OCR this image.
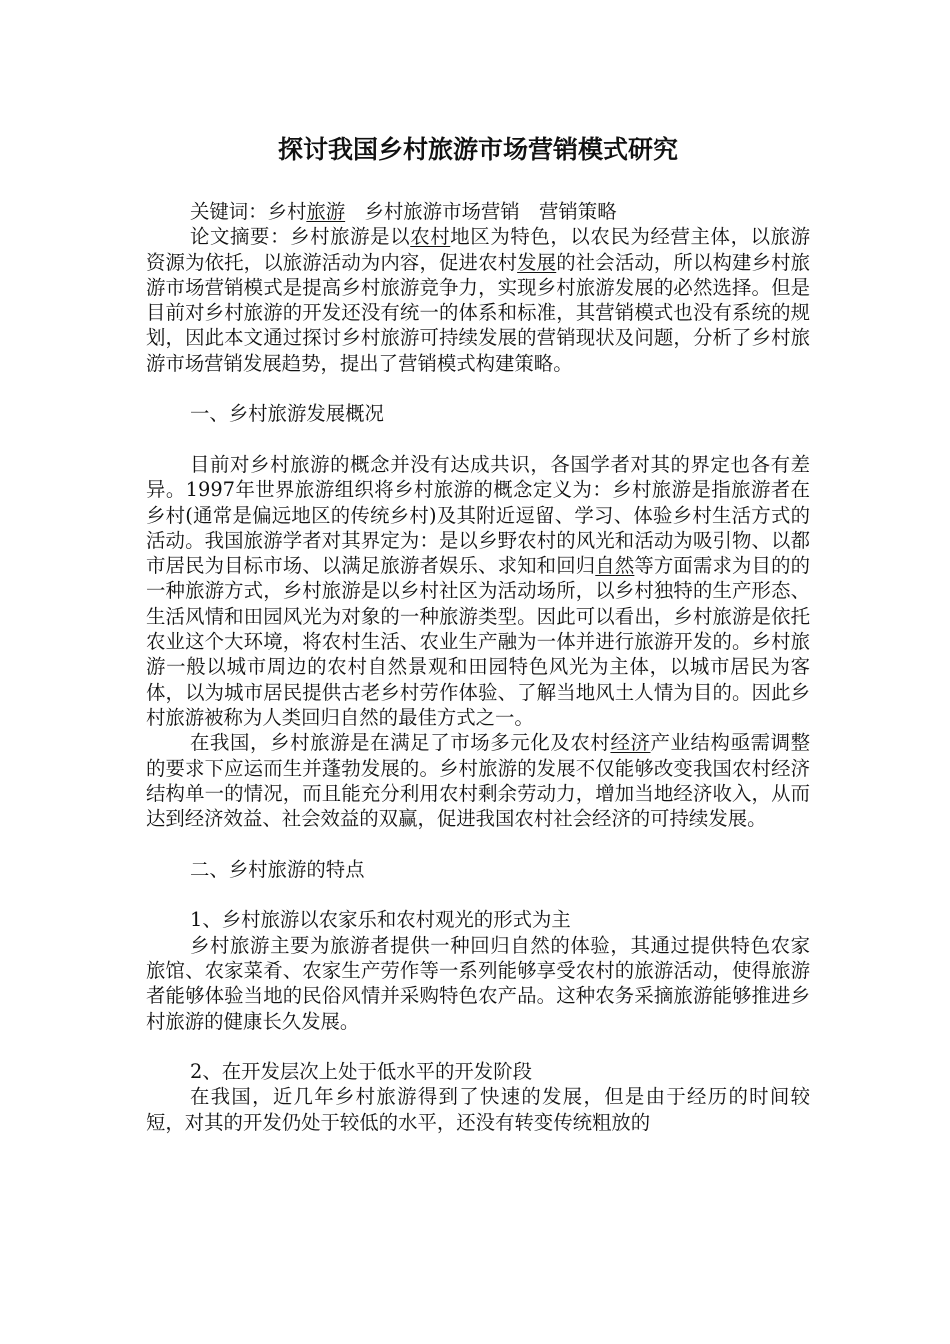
探讨我国乡村旅游市场营销模式研究

关键词：乡村旅游　乡村旅游市场营销　营销策略

论文摘要：乡村旅游是以农村地区为特色，以农民为经营主体，以旅游资源为依托，以旅游活动为内容，促进农村发展的社会活动，所以构建乡村旅游市场营销模式是提高乡村旅游竞争力，实现乡村旅游发展的必然选择。但是目前对乡村旅游的开发还没有统一的体系和标准，其营销模式也没有系统的规划，因此本文通过探讨乡村旅游可持续发展的营销现状及问题，分析了乡村旅游市场营销发展趋势，提出了营销模式构建策略。

一、乡村旅游发展概况

目前对乡村旅游的概念并没有达成共识，各国学者对其的界定也各有差异。1997年世界旅游组织将乡村旅游的概念定义为：乡村旅游是指旅游者在乡村(通常是偏远地区的传统乡村)及其附近逗留、学习、体验乡村生活方式的活动。我国旅游学者对其界定为：是以乡野农村的风光和活动为吸引物、以都市居民为目标市场、以满足旅游者娱乐、求知和回归自然等方面需求为目的的一种旅游方式，乡村旅游是以乡村社区为活动场所，以乡村独特的生产形态、生活风情和田园风光为对象的一种旅游类型。因此可以看出，乡村旅游是依托农业这个大环境，将农村生活、农业生产融为一体并进行旅游开发的。乡村旅游一般以城市周边的农村自然景观和田园特色风光为主体，以城市居民为客体，以为城市居民提供古老乡村劳作体验、了解当地风土人情为目的。因此乡村旅游被称为人类回归自然的最佳方式之一。

在我国，乡村旅游是在满足了市场多元化及农村经济产业结构亟需调整的要求下应运而生并蓬勃发展的。乡村旅游的发展不仅能够改变我国农村经济结构单一的情况，而且能充分利用农村剩余劳动力，增加当地经济收入，从而达到经济效益、社会效益的双赢，促进我国农村社会经济的可持续发展。

二、乡村旅游的特点

1、乡村旅游以农家乐和农村观光的形式为主

乡村旅游主要为旅游者提供一种回归自然的体验，其通过提供特色农家旅馆、农家菜肴、农家生产劳作等一系列能够享受农村的旅游活动，使得旅游者能够体验当地的民俗风情并采购特色农产品。这种农务采摘旅游能够推进乡村旅游的健康长久发展。

2、在开发层次上处于低水平的开发阶段

在我国，近几年乡村旅游得到了快速的发展，但是由于经历的时间较短，对其的开发仍处于较低的水平，还没有转变传统粗放的
